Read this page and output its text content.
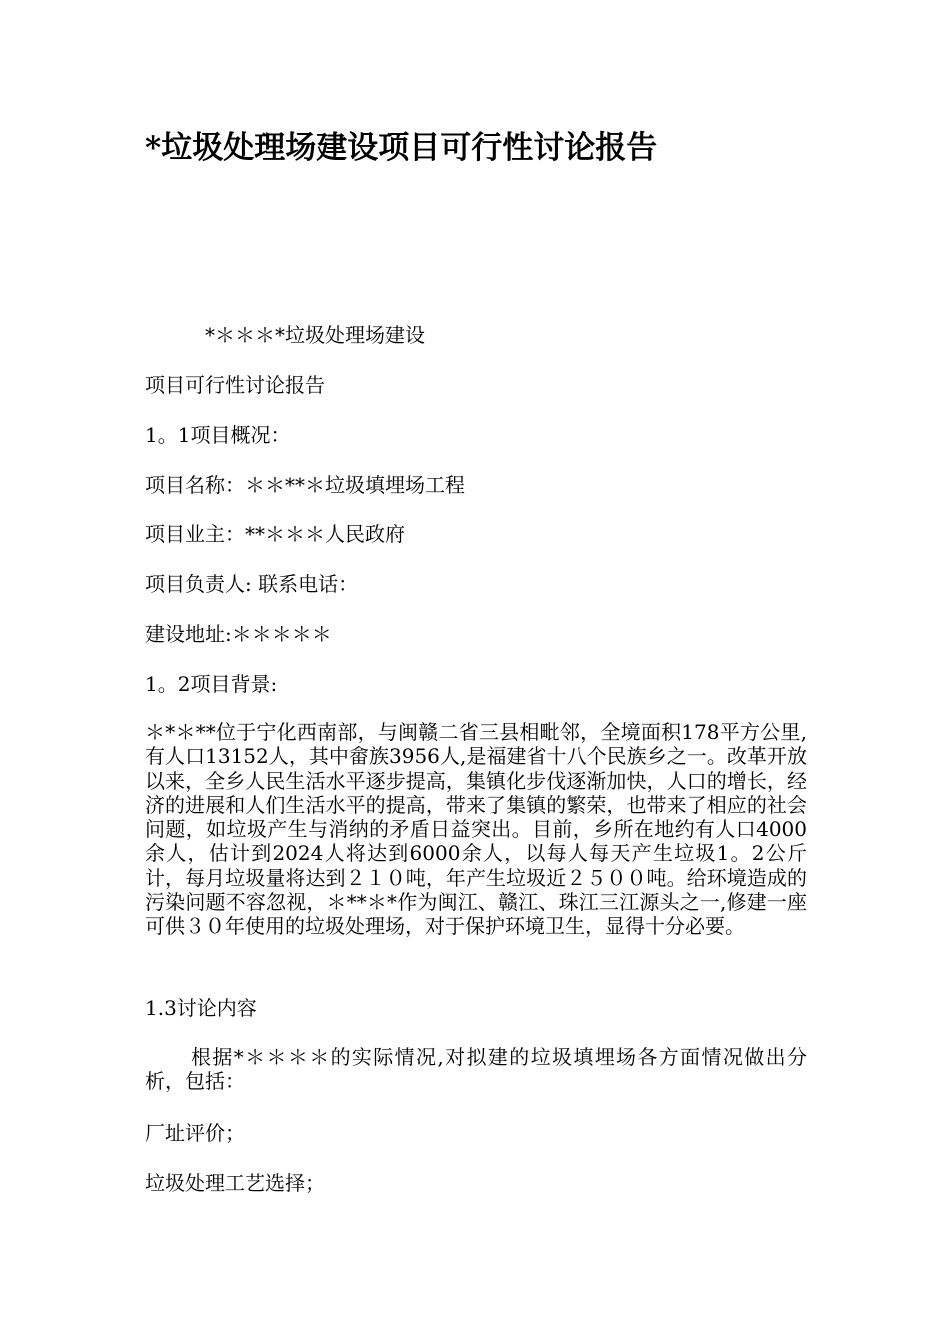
*垃圾处理场建设项目可行性讨论报告
*＊＊＊*垃圾处理场建设
项目可行性讨论报告
1。1项目概况：
项目名称：＊＊**＊垃圾填埋场工程
项目业主：**＊＊＊人民政府
项目负责人: 联系电话：
建设地址:＊＊＊＊＊
1。2项目背景:
＊*＊**位于宁化西南部，与闽赣二省三县相毗邻，全境面积178平方公里,有人口13152人，其中畲族3956人,是福建省十八个民族乡之一。改革开放以来，全乡人民生活水平逐步提高，集镇化步伐逐渐加快，人口的增长，经济的进展和人们生活水平的提高，带来了集镇的繁荣，也带来了相应的社会问题，如垃圾产生与消纳的矛盾日益突出。目前，乡所在地约有人口4000余人，估计到2024人将达到6000余人，以每人每天产生垃圾1。2公斤计，每月垃圾量将达到２１０吨，年产生垃圾近２５００吨。给环境造成的污染问题不容忽视，＊**＊*作为闽江、赣江、珠江三江源头之一,修建一座可供３０年使用的垃圾处理场，对于保护环境卫生，显得十分必要。
1.3讨论内容
根据*＊＊＊＊的实际情况,对拟建的垃圾填埋场各方面情况做出分析，包括：
厂址评价；
垃圾处理工艺选择；
